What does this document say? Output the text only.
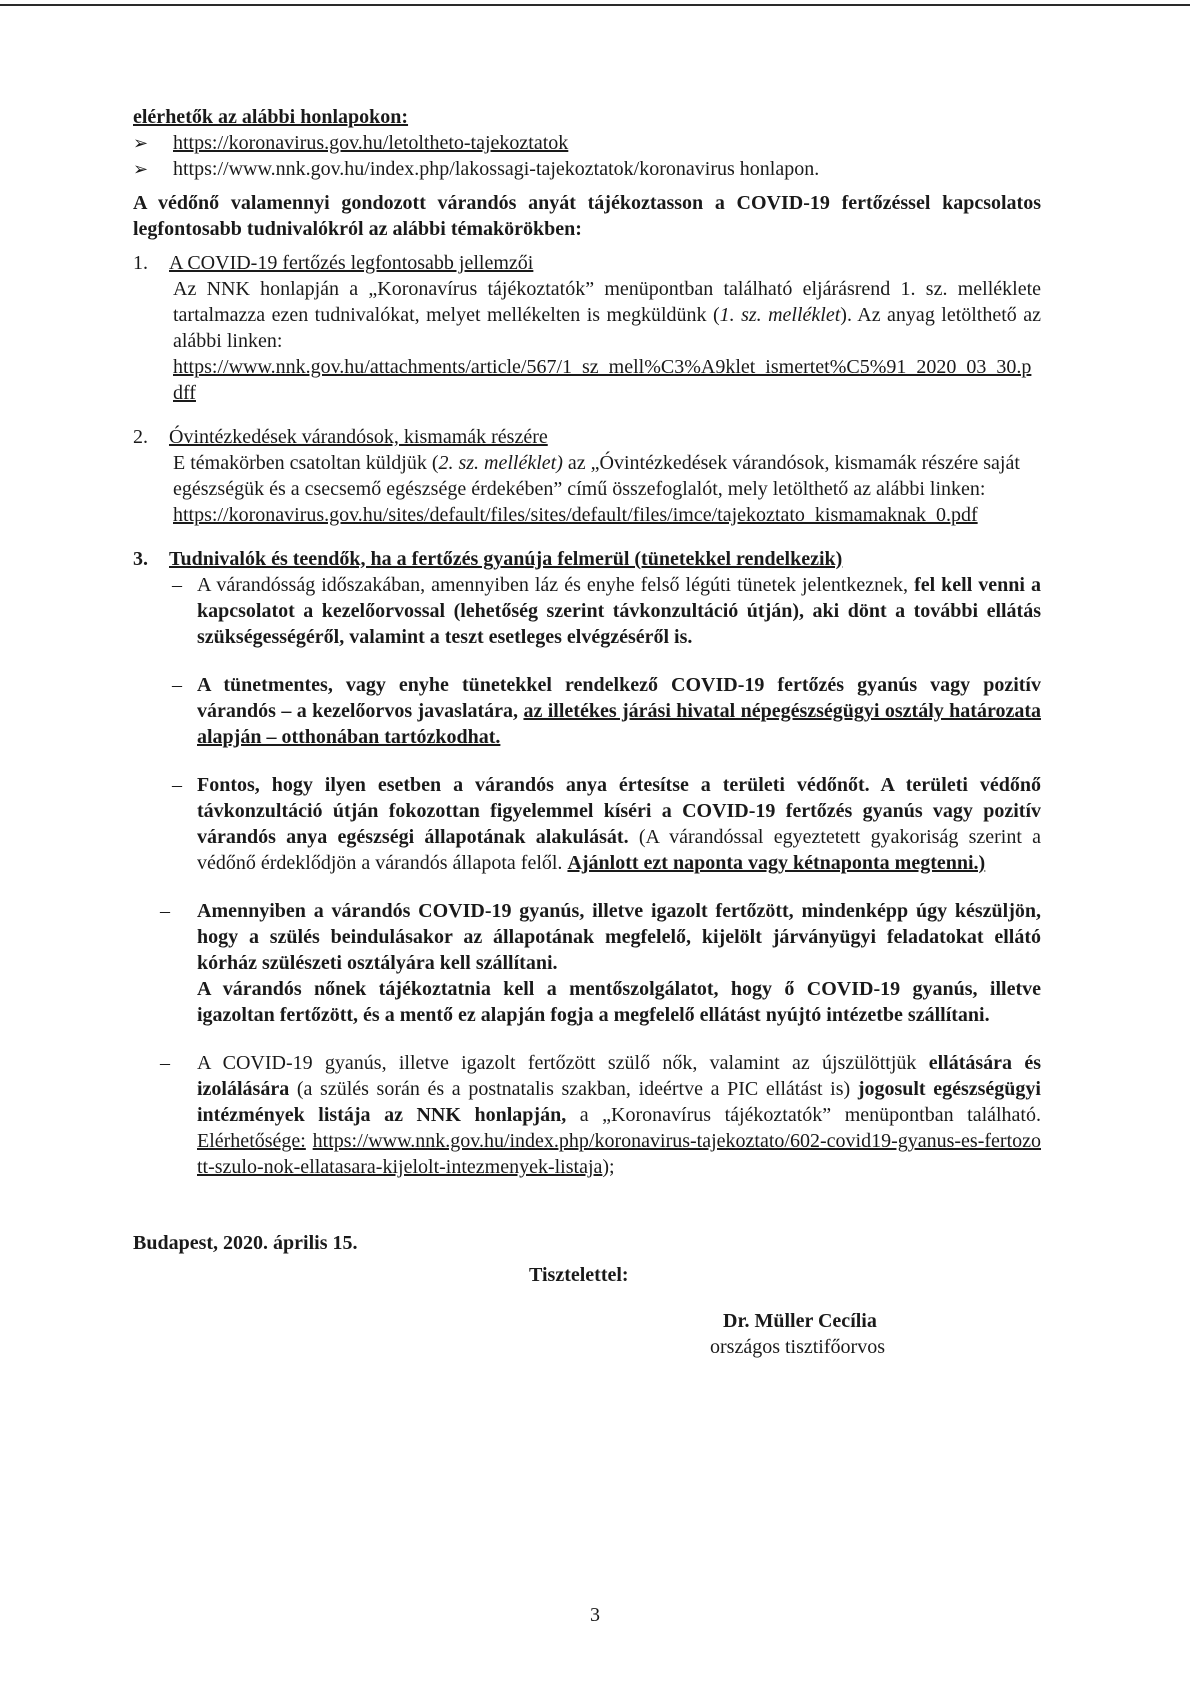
elérhetők az alábbi honlapokon:
➢	https://koronavirus.gov.hu/letoltheto-tajekoztatok
➢	https://www.nnk.gov.hu/index.php/lakossagi-tajekoztatok/koronavirus honlapon.
A védőnő valamennyi gondozott várandós anyát tájékoztasson a COVID-19 fertőzéssel kapcsolatos legfontosabb tudnivalókról az alábbi témakörökben:
1.	A COVID-19 fertőzés legfontosabb jellemzői
Az NNK honlapján a „Koronavírus tájékoztatók” menüpontban található eljárásrend 1. sz. melléklete tartalmazza ezen tudnivalókat, melyet mellékelten is megküldünk (1. sz. melléklet). Az anyag letölthető az alábbi linken:
https://www.nnk.gov.hu/attachments/article/567/1_sz_mell%C3%A9klet_ismertet%C5%91_2020_03_30.pdff
2.	Óvintézkedések várandósok, kismamák részére
E témakörben csatoltan küldjük (2. sz. melléklet) az „Óvintézkedések várandósok, kismamák részére saját egészségük és a csecsemő egészsége érdekében” című összefoglalót, mely letölthető az alábbi linken:
https://koronavirus.gov.hu/sites/default/files/sites/default/files/imce/tajekoztato_kismamaknak_0.pdf
3.	Tudnivalók és teendők, ha a fertőzés gyanúja felmerül (tünetekkel rendelkezik)
– A várandósság időszakában, amennyiben láz és enyhe felső légúti tünetek jelentkeznek, fel kell venni a kapcsolatot a kezelőorvossal (lehetőség szerint távkonzultáció útján), aki dönt a további ellátás szükségességéről, valamint a teszt esetleges elvégzéséről is.
– A tünetmentes, vagy enyhe tünetekkel rendelkező COVID-19 fertőzés gyanús vagy pozitív várandós – a kezelőorvos javaslatára, az illetékes járási hivatal népegészségügyi osztály határozata alapján – otthonában tartózkodhat.
– Fontos, hogy ilyen esetben a várandós anya értesítse a területi védőnőt. A területi védőnő távkonzultáció útján fokozottan figyelemmel kíséri a COVID-19 fertőzés gyanús vagy pozitív várandós anya egészségi állapotának alakulását. (A várandóssal egyeztetett gyakoriság szerint a védőnő érdeklődjön a várandós állapota felől. Ajánlott ezt naponta vagy kétnaponta megtenni.)
–	Amennyiben a várandós COVID-19 gyanús, illetve igazolt fertőzött, mindenképp úgy készüljön, hogy a szülés beindulásakor az állapotának megfelelő, kijelölt járványügyi feladatokat ellátó kórház szülészeti osztályára kell szállítani.
A várandós nőnek tájékoztatnia kell a mentőszolgálatot, hogy ő COVID-19 gyanús, illetve igazoltan fertőzött, és a mentő ez alapján fogja a megfelelő ellátást nyújtó intézetbe szállítani.
–	A COVID-19 gyanús, illetve igazolt fertőzött szülő nők, valamint az újszülöttjük ellátására és izolálására (a szülés során és a postnatalis szakban, ideértve a PIC ellátást is) jogosult egészségügyi intézmények listája az NNK honlapján, a „Koronavírus tájékoztatók” menüpontban található. Elérhetősége: https://www.nnk.gov.hu/index.php/koronavirus-tajekoztato/602-covid19-gyanus-es-fertozott-szulo-nok-ellatasara-kijelolt-intezmenyek-listaja);
Budapest, 2020. április 15.
Tisztelettel:
Dr. Müller Cecília
országos tisztifőorvos
3
